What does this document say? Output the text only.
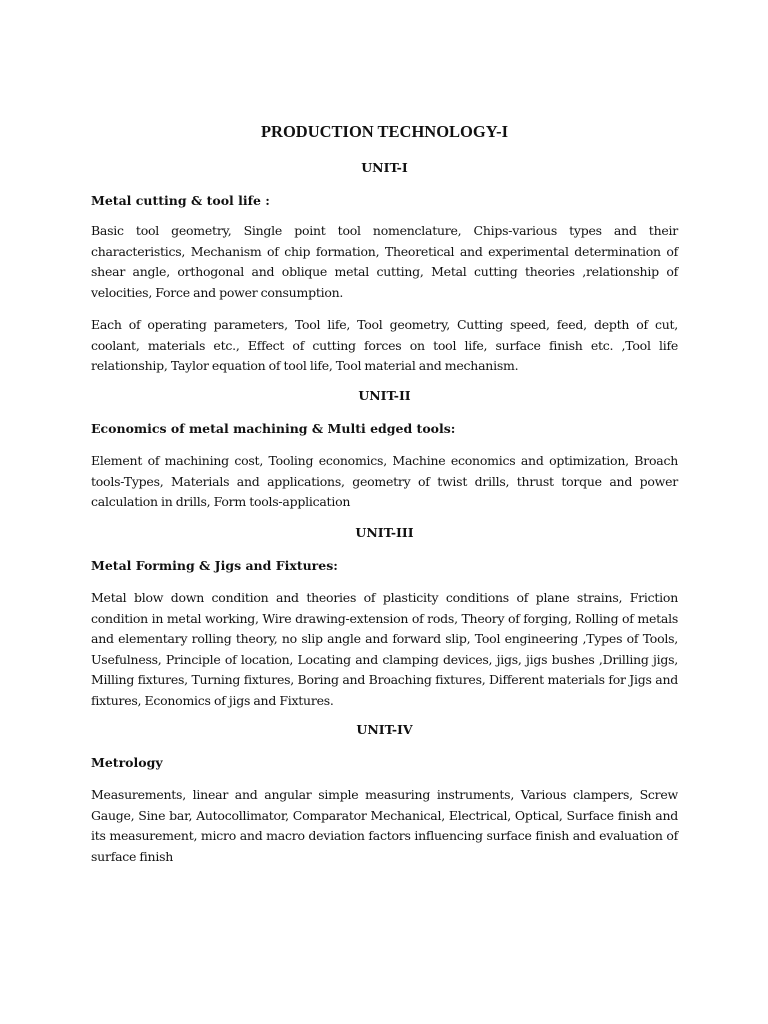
PRODUCTION TECHNOLOGY-I
UNIT-I
Metal cutting & tool life :

Basic tool geometry, Single point tool nomenclature, Chips-various types and their characteristics, Mechanism of chip formation, Theoretical and experimental determination of shear angle, orthogonal and oblique metal cutting, Metal cutting theories ,relationship of velocities, Force and power consumption.

Each of operating parameters, Tool life, Tool geometry, Cutting speed, feed, depth of cut, coolant, materials etc., Effect of cutting forces on tool life, surface finish etc. ,Tool life relationship, Taylor equation of tool life, Tool material and mechanism.

UNIT-II
Economics of metal machining & Multi edged tools:

Element of machining cost, Tooling economics, Machine economics and optimization, Broach tools-Types, Materials and applications, geometry of twist drills, thrust torque and power calculation in drills, Form tools-application

UNIT-III
Metal Forming & Jigs and Fixtures:

Metal blow down condition and theories of plasticity conditions of plane strains, Friction condition in metal working, Wire drawing-extension of rods, Theory of forging, Rolling of metals and elementary rolling theory, no slip angle and forward slip, Tool engineering ,Types of Tools, Usefulness, Principle of location, Locating and clamping devices, jigs, jigs bushes ,Drilling jigs, Milling fixtures, Turning fixtures, Boring and Broaching fixtures, Different materials for Jigs and fixtures, Economics of jigs and Fixtures.

UNIT-IV
Metrology

Measurements, linear and angular simple measuring instruments, Various clampers, Screw Gauge, Sine bar, Autocollimator, Comparator Mechanical, Electrical, Optical, Surface finish and its measurement, micro and macro deviation factors influencing surface finish and evaluation of surface finish
